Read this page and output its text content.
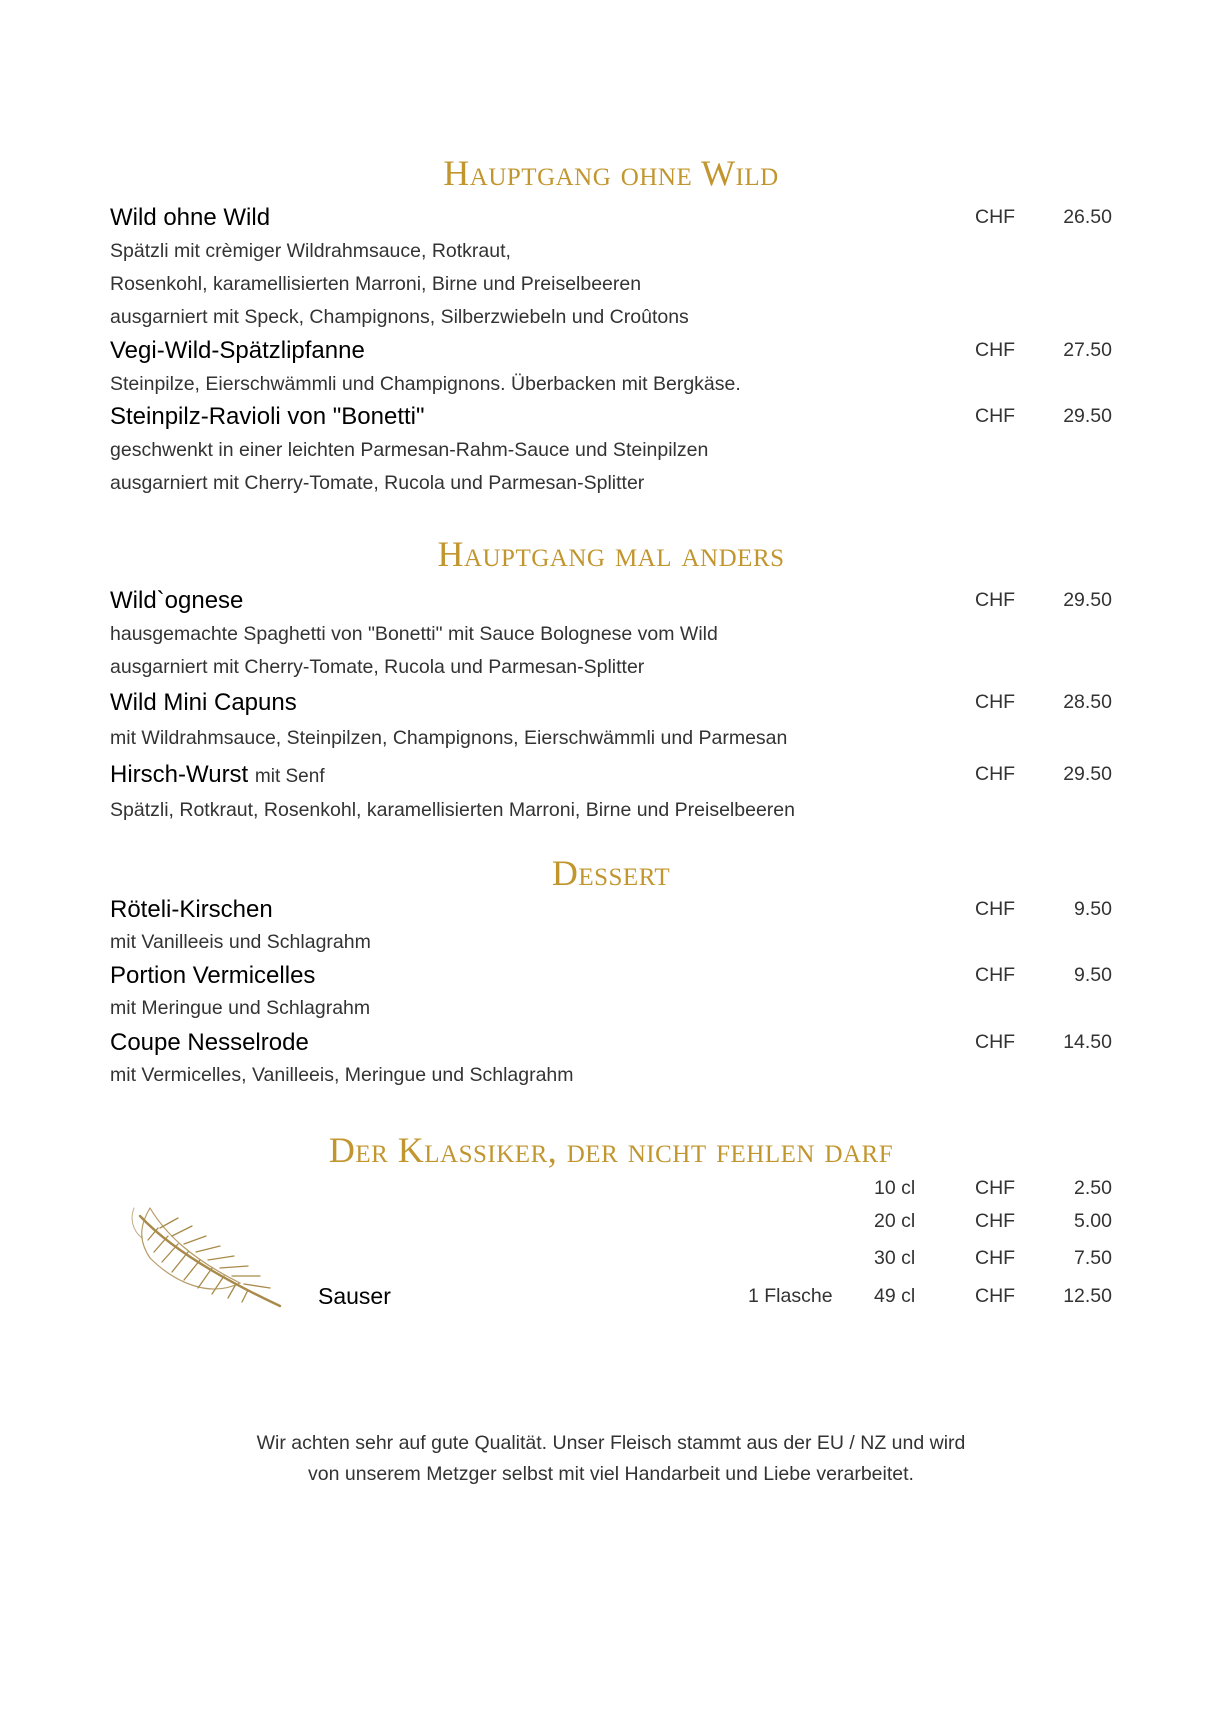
Hauptgang ohne Wild
Wild ohne Wild	CHF	26.50
Spätzli mit crèmiger Wildrahmsauce, Rotkraut,
Rosenkohl, karamellisierten Marroni, Birne und Preiselbeeren
ausgarniert mit Speck, Champignons, Silberzwiebeln und Croûtons
Vegi-Wild-Spätzlipfanne	CHF	27.50
Steinpilze, Eierschwämmli und Champignons. Überbacken mit Bergkäse.
Steinpilz-Ravioli von "Bonetti"	CHF	29.50
geschwenkt in einer leichten Parmesan-Rahm-Sauce und Steinpilzen
ausgarniert mit Cherry-Tomate, Rucola und Parmesan-Splitter
Hauptgang mal anders
Wild`ognese	CHF	29.50
hausgemachte Spaghetti von "Bonetti" mit Sauce Bolognese vom Wild
ausgarniert mit Cherry-Tomate, Rucola und Parmesan-Splitter
Wild Mini Capuns	CHF	28.50
mit Wildrahmsauce, Steinpilzen, Champignons, Eierschwämmli und Parmesan
Hirsch-Wurst mit Senf	CHF	29.50
Spätzli, Rotkraut, Rosenkohl, karamellisierten Marroni, Birne und Preiselbeeren
Dessert
Röteli-Kirschen	CHF	9.50
mit Vanilleeis und Schlagrahm
Portion Vermicelles	CHF	9.50
mit Meringue und Schlagrahm
Coupe Nesselrode	CHF	14.50
mit Vermicelles, Vanilleeis, Meringue und Schlagrahm
Der Klassiker, der nicht fehlen darf
10 cl	CHF	2.50
20 cl	CHF	5.00
30 cl	CHF	7.50
Sauser	1 Flasche 49 cl	CHF	12.50
Wir achten sehr auf gute Qualität. Unser Fleisch stammt aus der EU / NZ und wird
von unserem Metzger selbst mit viel Handarbeit und Liebe verarbeitet.
